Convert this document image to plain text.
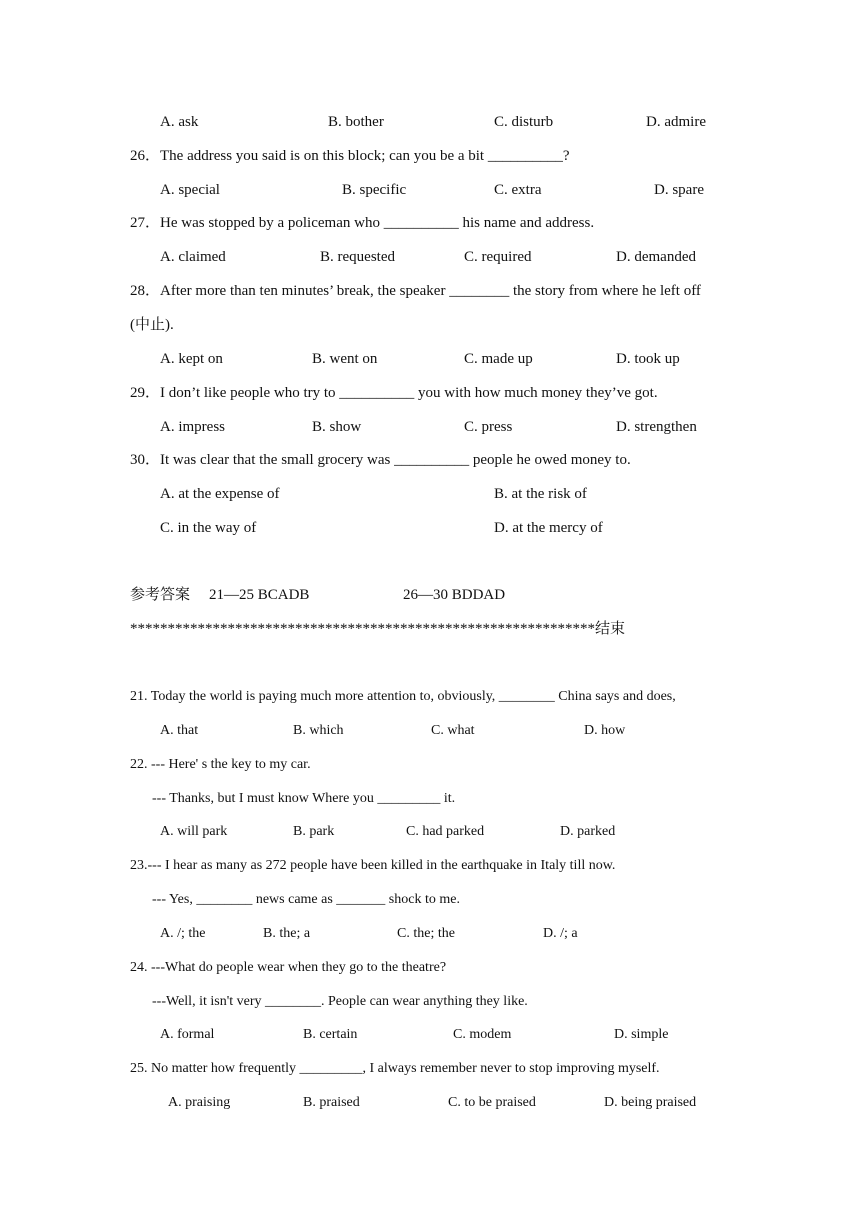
A. ask	B. bother	C. disturb	D. admire
26．The address you said is on this block; can you be a bit __________?
A. special	B. specific	C. extra	D. spare
27．He was stopped by a policeman who __________ his name and address.
A. claimed	B. requested	C. required	D. demanded
28．After more than ten minutes’ break, the speaker ________ the story from where he left off
(中止).
A. kept on	B. went on	C. made up	D. took up
29．I don’t like people who try to __________ you with how much money they’ve got.
A. impress	B. show	C. press	D. strengthen
30．It was clear that the small grocery was __________ people he owed money to.
A. at the expense of	B. at the risk of
C. in the way of	D. at the mercy of
参考答案 21—25 BCADB	26—30 BDDAD
**************************************************************结束
21. Today the world is paying much more attention to, obviously, ________ China says and does,
A. that	B. which	C. what	D. how
22. --- Here' s the key to my car.
--- Thanks, but I must know Where you _________ it.
A. will park	B. park	C. had parked	D. parked
23.--- I hear as many as 272 people have been killed in the earthquake in Italy till now.
--- Yes, ________ news came as _______ shock to me.
A. /; the	B. the; a	C. the; the	D. /; a
24. ---What do people wear when they go to the theatre?
---Well, it isn't very ________. People can wear anything they like.
A. formal	B. certain	C. modem	D. simple
25. No matter how frequently _________, I always remember never to stop improving myself.
A. praising	B. praised	C. to be praised	D. being praised
